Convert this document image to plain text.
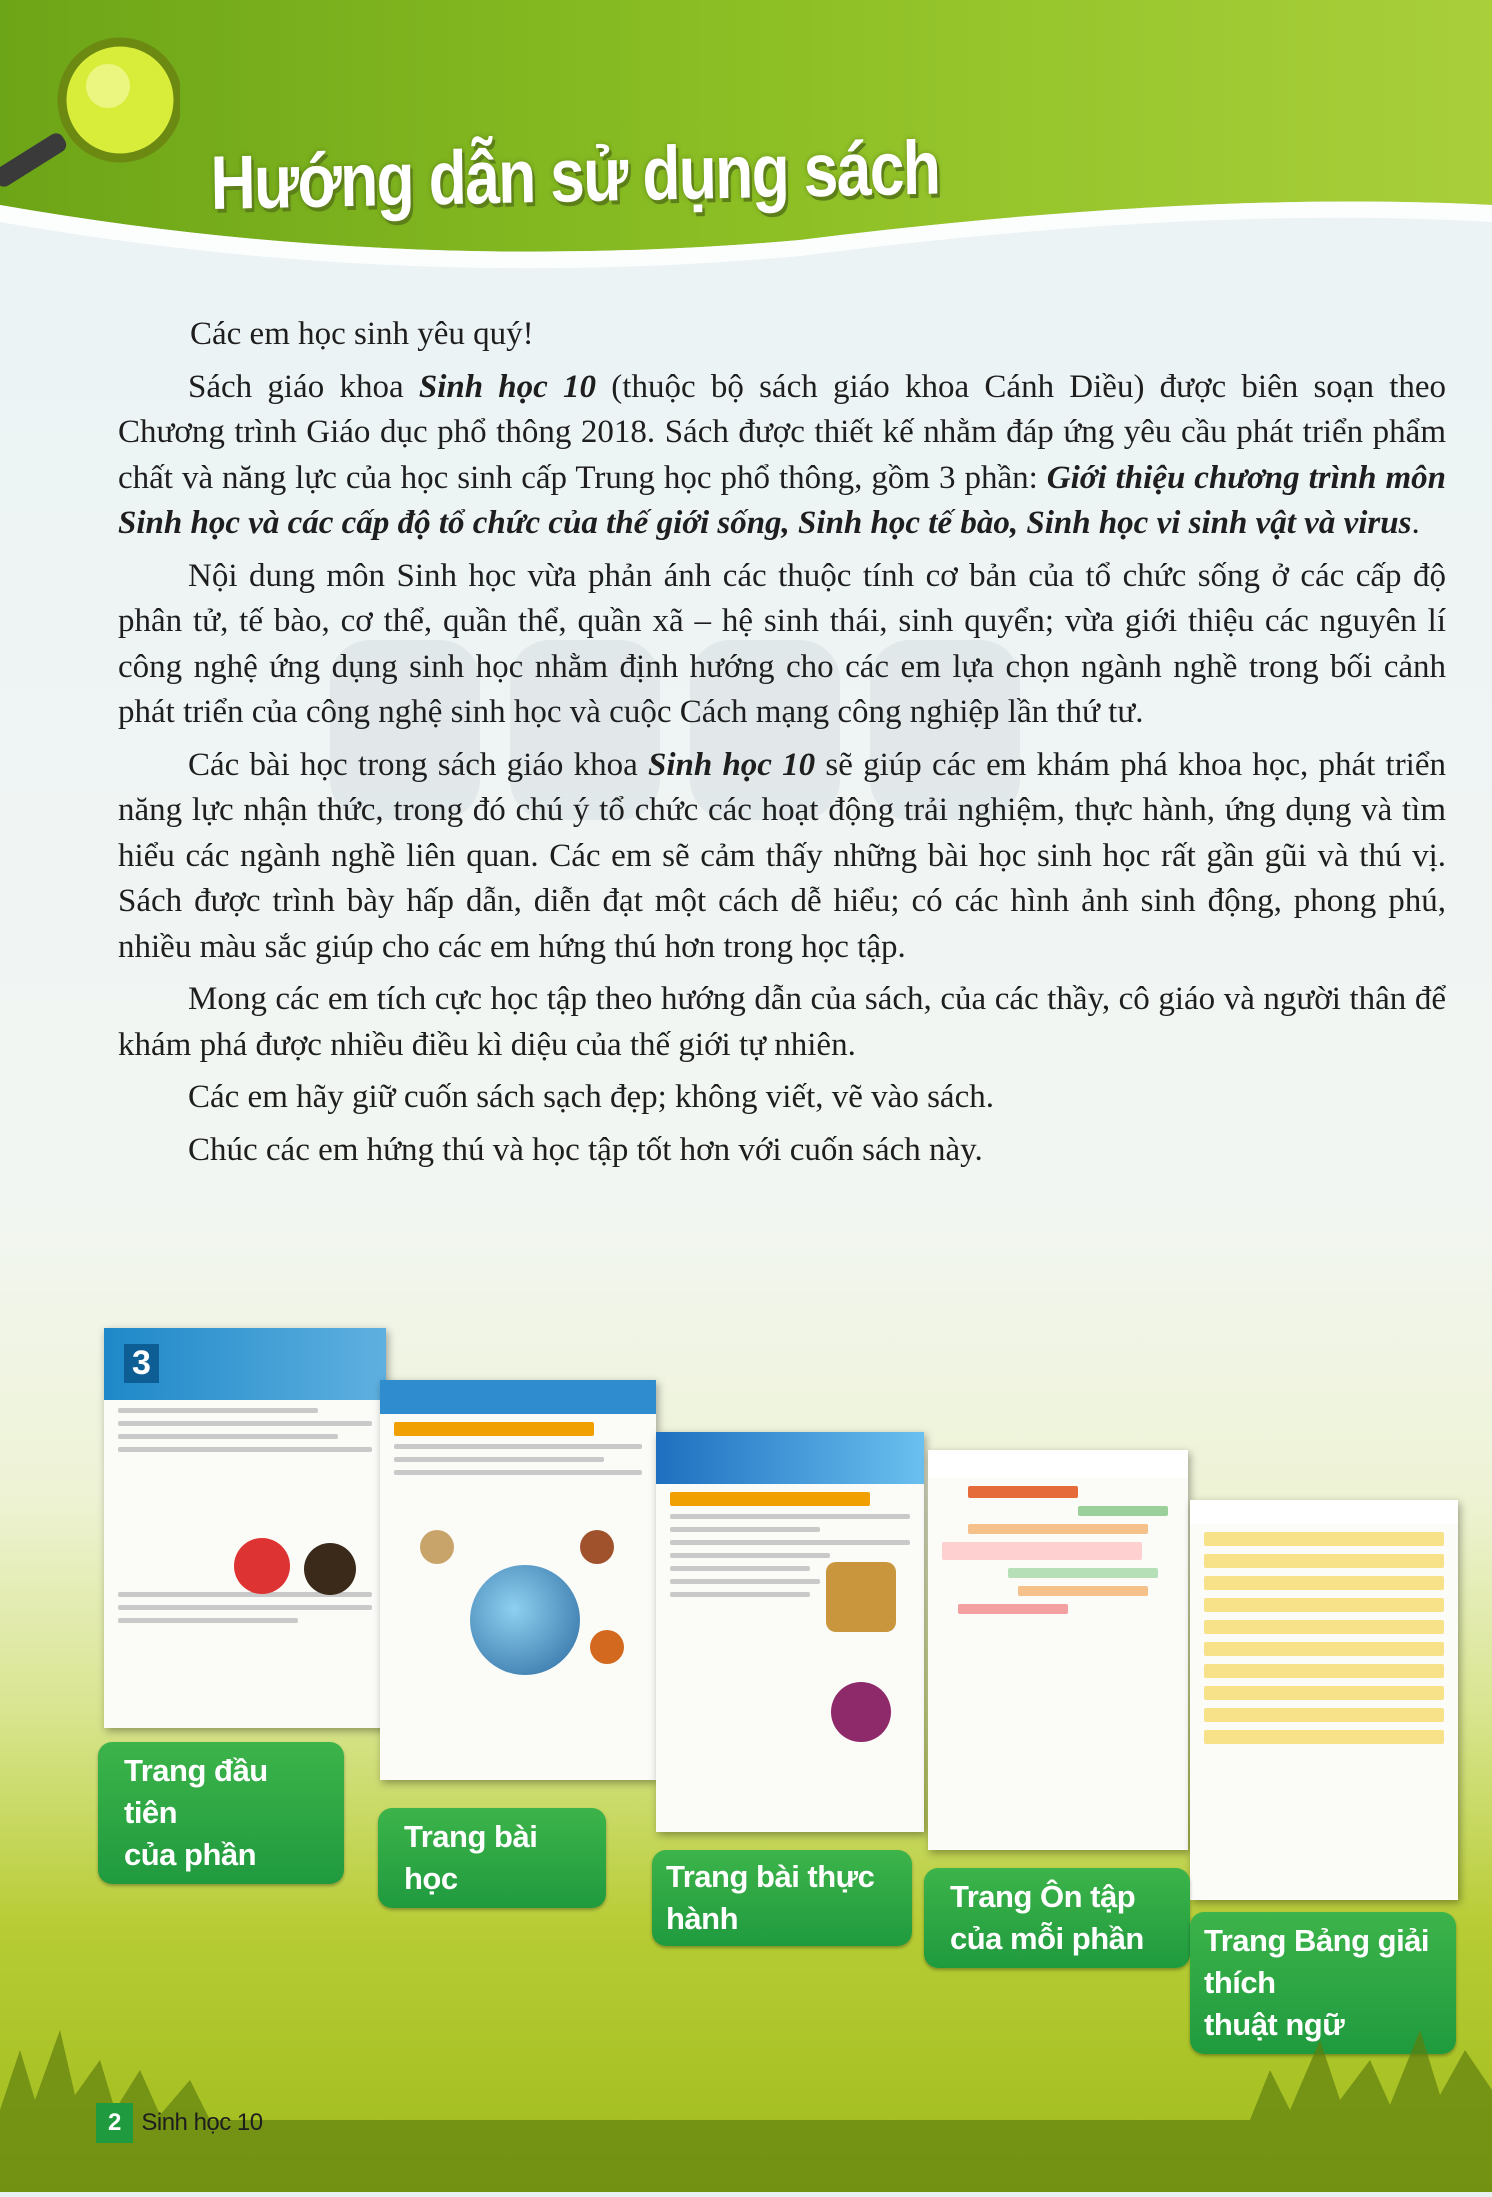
Hướng dẫn sử dụng sách

Các em học sinh yêu quý!

Sách giáo khoa Sinh học 10 (thuộc bộ sách giáo khoa Cánh Diều) được biên soạn theo Chương trình Giáo dục phổ thông 2018. Sách được thiết kế nhằm đáp ứng yêu cầu phát triển phẩm chất và năng lực của học sinh cấp Trung học phổ thông, gồm 3 phần: Giới thiệu chương trình môn Sinh học và các cấp độ tổ chức của thế giới sống, Sinh học tế bào, Sinh học vi sinh vật và virus.

Nội dung môn Sinh học vừa phản ánh các thuộc tính cơ bản của tổ chức sống ở các cấp độ phân tử, tế bào, cơ thể, quần thể, quần xã – hệ sinh thái, sinh quyển; vừa giới thiệu các nguyên lí công nghệ ứng dụng sinh học nhằm định hướng cho các em lựa chọn ngành nghề trong bối cảnh phát triển của công nghệ sinh học và cuộc Cách mạng công nghiệp lần thứ tư.

Các bài học trong sách giáo khoa Sinh học 10 sẽ giúp các em khám phá khoa học, phát triển năng lực nhận thức, trong đó chú ý tổ chức các hoạt động trải nghiệm, thực hành, ứng dụng và tìm hiểu các ngành nghề liên quan. Các em sẽ cảm thấy những bài học sinh học rất gần gũi và thú vị. Sách được trình bày hấp dẫn, diễn đạt một cách dễ hiểu; có các hình ảnh sinh động, phong phú, nhiều màu sắc giúp cho các em hứng thú hơn trong học tập.

Mong các em tích cực học tập theo hướng dẫn của sách, của các thầy, cô giáo và người thân để khám phá được nhiều điều kì diệu của thế giới tự nhiên.

Các em hãy giữ cuốn sách sạch đẹp; không viết, vẽ vào sách.

Chúc các em hứng thú và học tập tốt hơn với cuốn sách này.

3
Trang đầu tiên
của phần
Trang bài học	Trang bài thực hành
Trang Ôn tập
của mỗi phần	Trang Bảng giải thích
thuật ngữ
2 Sinh học 10
